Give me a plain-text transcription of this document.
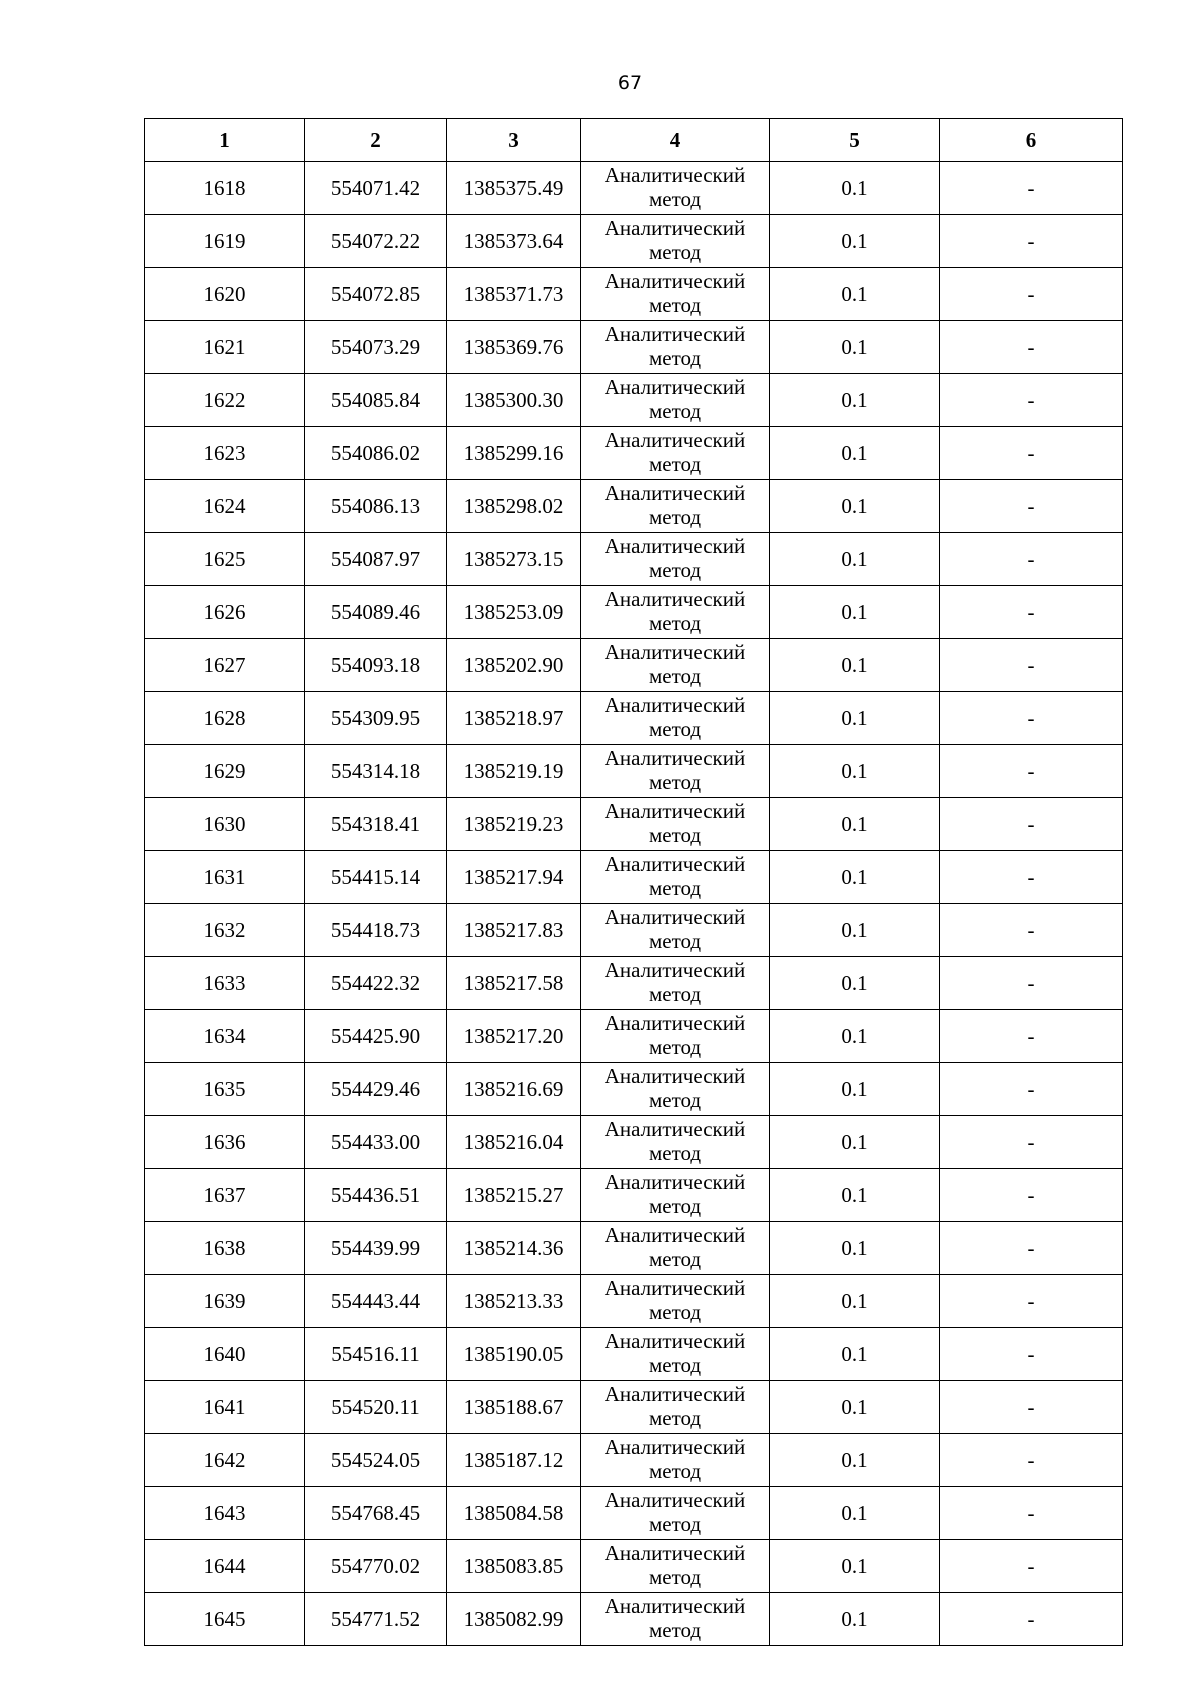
67
1	2	3	4	5	6
1618	554071.42	1385375.49	Аналитический метод	0.1	-
1619	554072.22	1385373.64	Аналитический метод	0.1	-
1620	554072.85	1385371.73	Аналитический метод	0.1	-
1621	554073.29	1385369.76	Аналитический метод	0.1	-
1622	554085.84	1385300.30	Аналитический метод	0.1	-
1623	554086.02	1385299.16	Аналитический метод	0.1	-
1624	554086.13	1385298.02	Аналитический метод	0.1	-
1625	554087.97	1385273.15	Аналитический метод	0.1	-
1626	554089.46	1385253.09	Аналитический метод	0.1	-
1627	554093.18	1385202.90	Аналитический метод	0.1	-
1628	554309.95	1385218.97	Аналитический метод	0.1	-
1629	554314.18	1385219.19	Аналитический метод	0.1	-
1630	554318.41	1385219.23	Аналитический метод	0.1	-
1631	554415.14	1385217.94	Аналитический метод	0.1	-
1632	554418.73	1385217.83	Аналитический метод	0.1	-
1633	554422.32	1385217.58	Аналитический метод	0.1	-
1634	554425.90	1385217.20	Аналитический метод	0.1	-
1635	554429.46	1385216.69	Аналитический метод	0.1	-
1636	554433.00	1385216.04	Аналитический метод	0.1	-
1637	554436.51	1385215.27	Аналитический метод	0.1	-
1638	554439.99	1385214.36	Аналитический метод	0.1	-
1639	554443.44	1385213.33	Аналитический метод	0.1	-
1640	554516.11	1385190.05	Аналитический метод	0.1	-
1641	554520.11	1385188.67	Аналитический метод	0.1	-
1642	554524.05	1385187.12	Аналитический метод	0.1	-
1643	554768.45	1385084.58	Аналитический метод	0.1	-
1644	554770.02	1385083.85	Аналитический метод	0.1	-
1645	554771.52	1385082.99	Аналитический метод	0.1	-
